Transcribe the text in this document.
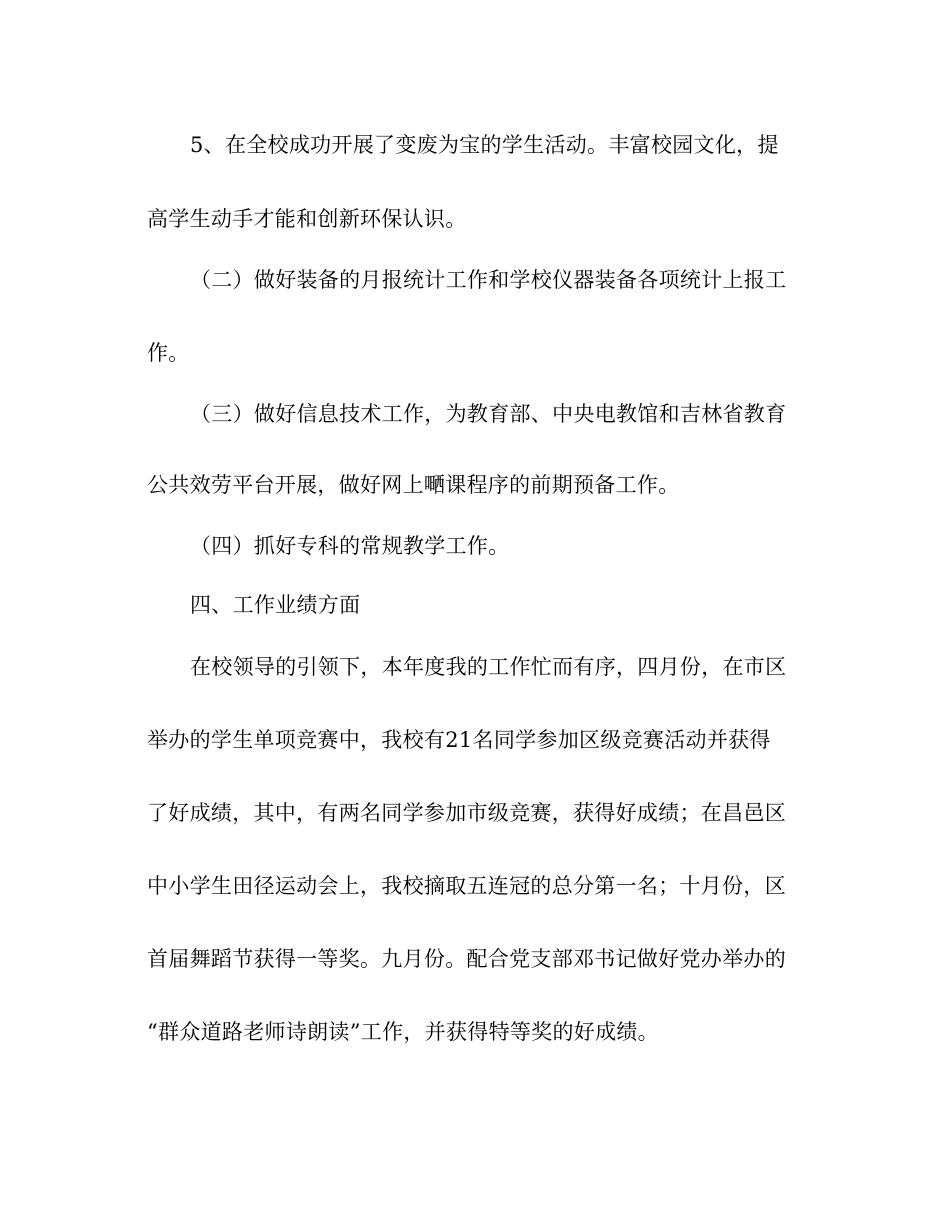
5、在全校成功开展了变废为宝的学生活动。丰富校园文化，提
高学生动手才能和创新环保认识。
（二）做好装备的月报统计工作和学校仪器装备各项统计上报工
作。
（三）做好信息技术工作，为教育部、中央电教馆和吉林省教育
公共效劳平台开展，做好网上嗮课程序的前期预备工作。
（四）抓好专科的常规教学工作。
四、工作业绩方面
在校领导的引领下，本年度我的工作忙而有序，四月份，在市区
举办的学生单项竞赛中，我校有21名同学参加区级竞赛活动并获得
了好成绩，其中，有两名同学参加市级竞赛，获得好成绩；在昌邑区
中小学生田径运动会上，我校摘取五连冠的总分第一名；十月份，区
首届舞蹈节获得一等奖。九月份。配合党支部邓书记做好党办举办的
“群众道路老师诗朗读”工作，并获得特等奖的好成绩。
